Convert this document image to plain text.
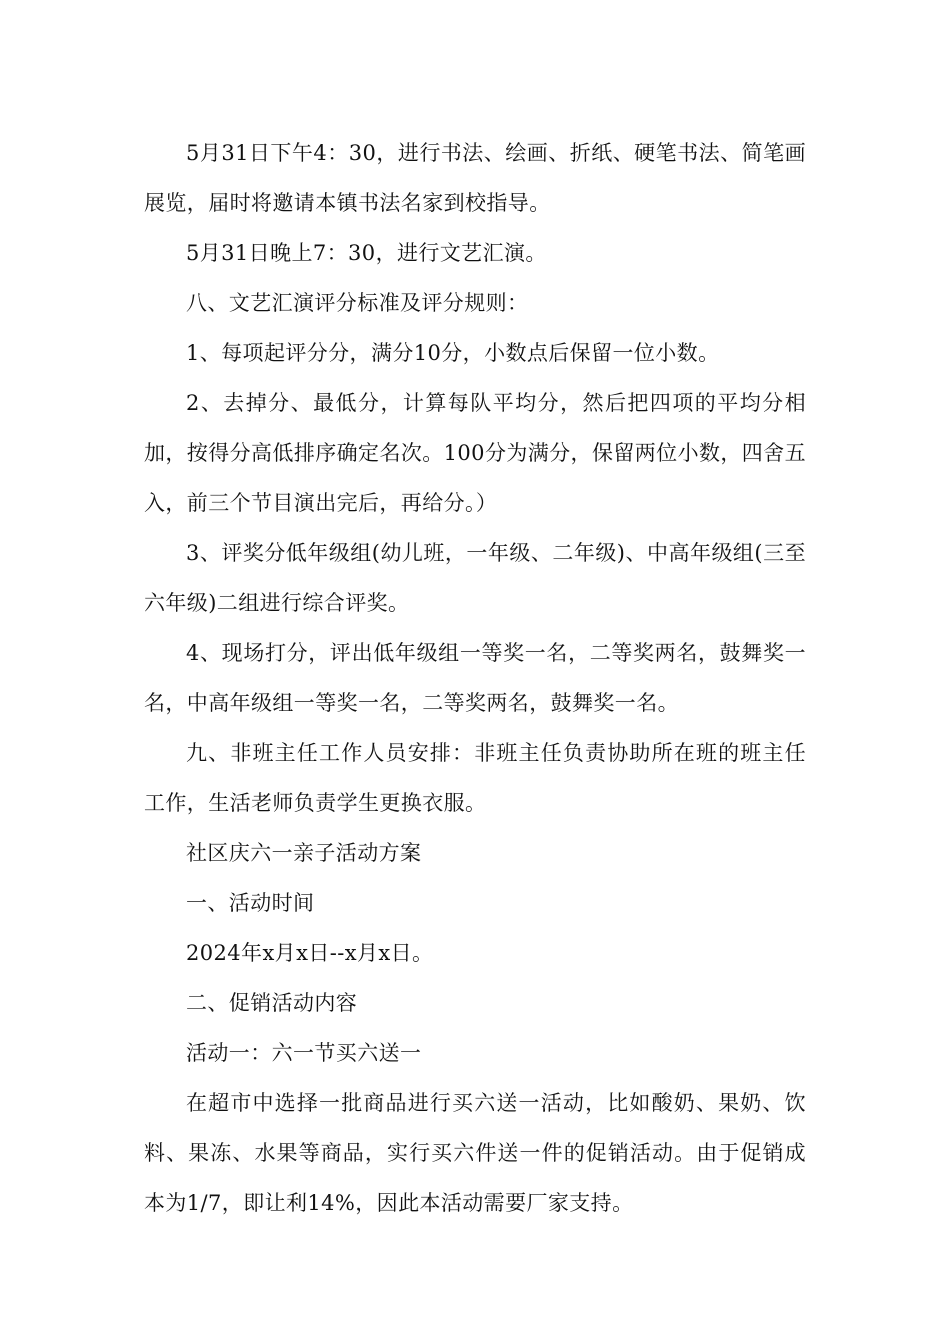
5月31日下午4：30，进行书法、绘画、折纸、硬笔书法、简笔画展览，届时将邀请本镇书法名家到校指导。

5月31日晚上7：30，进行文艺汇演。

八、文艺汇演评分标准及评分规则：

1、每项起评分分，满分10分，小数点后保留一位小数。

2、去掉分、最低分，计算每队平均分，然后把四项的平均分相加，按得分高低排序确定名次。100分为满分，保留两位小数，四舍五入，前三个节目演出完后，再给分。）

3、评奖分低年级组(幼儿班，一年级、二年级)、中高年级组(三至六年级)二组进行综合评奖。

4、现场打分，评出低年级组一等奖一名，二等奖两名，鼓舞奖一名，中高年级组一等奖一名，二等奖两名，鼓舞奖一名。

九、非班主任工作人员安排：非班主任负责协助所在班的班主任工作，生活老师负责学生更换衣服。

社区庆六一亲子活动方案

一、活动时间

2024年x月x日--x月x日。

二、促销活动内容

活动一：六一节买六送一

在超市中选择一批商品进行买六送一活动，比如酸奶、果奶、饮料、果冻、水果等商品，实行买六件送一件的促销活动。由于促销成本为1/7，即让利14%，因此本活动需要厂家支持。
